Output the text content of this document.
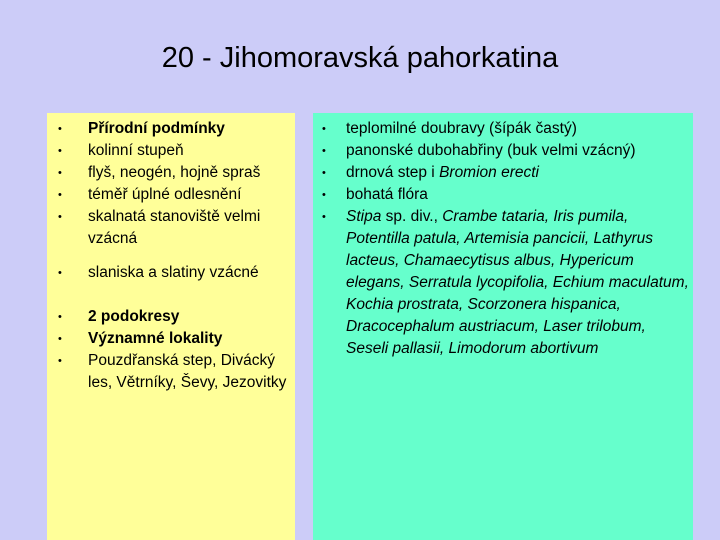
20 - Jihomoravská pahorkatina
• Přírodní podmínky
• kolinní stupeň
• flyš, neogén, hojně spraš
• téměř úplné odlesnění
• skalnatá stanoviště velmi vzácná
• slaniska a slatiny vzácné
• 2 podokresy
• Významné lokality
• Pouzdřanská step, Divácký les, Větrníky, Ševy, Jezovitky
• teplomilné doubravy (šípák častý)
• panonské dubohabřiny (buk velmi vzácný)
• drnová step i Bromion erecti
• bohatá flóra
• Stipa sp. div., Crambe tataria, Iris pumila, Potentilla patula, Artemisia pancicii, Lathyrus lacteus, Chamaecytisus albus, Hypericum elegans, Serratula lycopifolia, Echium maculatum, Kochia prostrata, Scorzonera hispanica, Dracocephalum austriacum, Laser trilobum, Seseli pallasii, Limodorum abortivum
